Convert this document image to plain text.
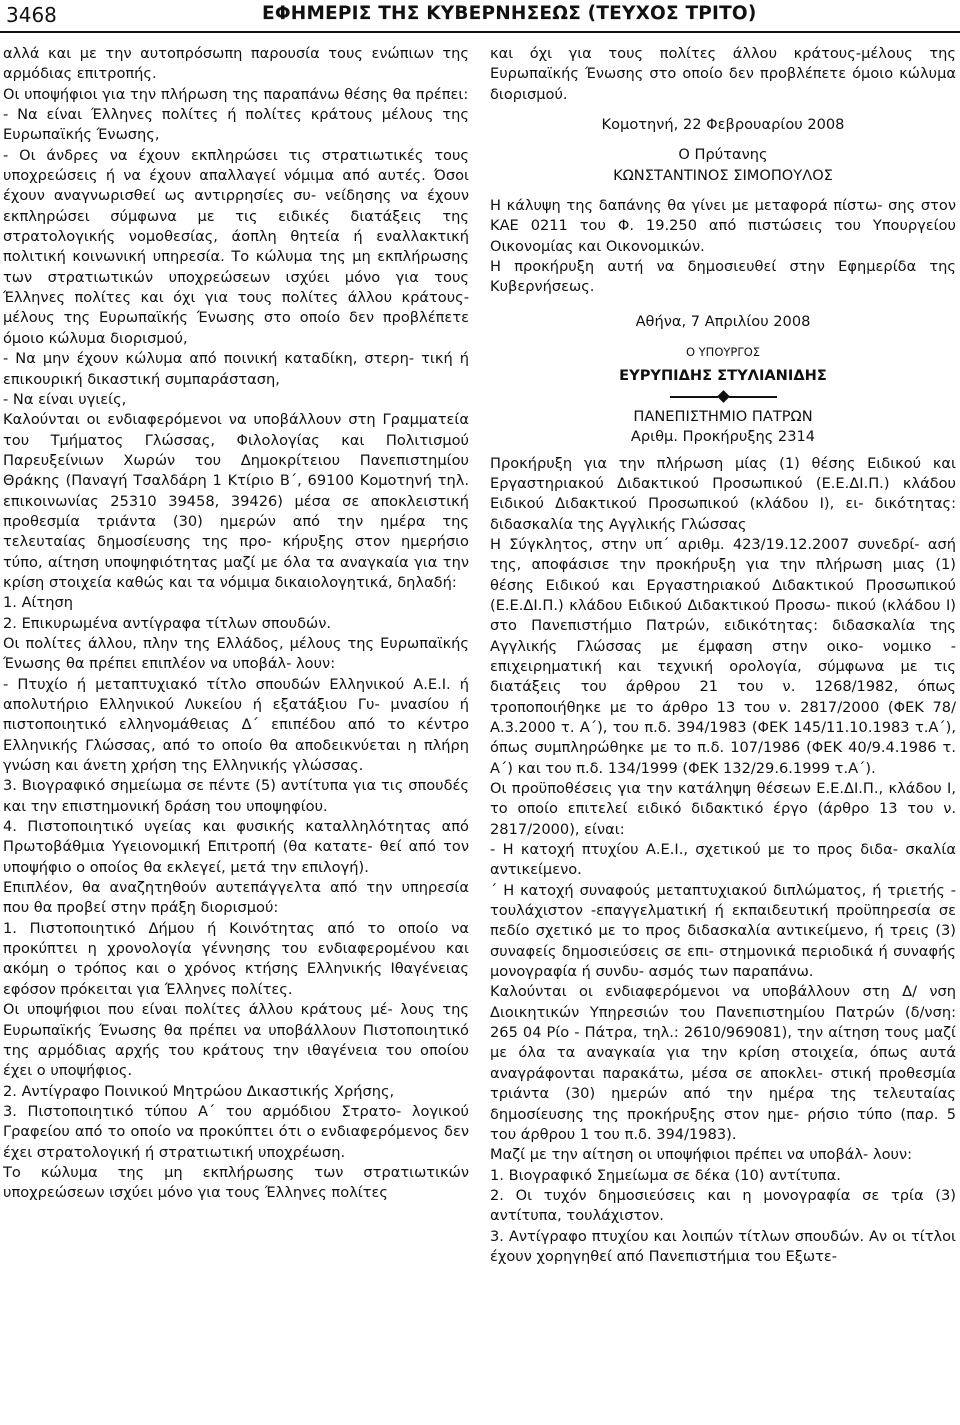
3468	ΕΦΗΜΕΡΙΣ ΤΗΣ ΚΥΒΕΡΝΗΣΕΩΣ (ΤΕΥΧΟΣ ΤΡΙΤΟ)

αλλά και με την αυτοπρόσωπη παρουσία τους ενώπιων της αρμόδιας επιτροπής.

Οι υποψήφιοι για την πλήρωση της παραπάνω θέσης θα πρέπει:

- Να είναι Έλληνες πολίτες ή πολίτες κράτους μέλους της Ευρωπαϊκής Ένωσης,

- Οι άνδρες να έχουν εκπληρώσει τις στρατιωτικές τους υποχρεώσεις ή να έχουν απαλλαγεί νόμιμα από αυτές. Όσοι έχουν αναγνωρισθεί ως αντιρρησίες συ- νείδησης να έχουν εκπληρώσει σύμφωνα με τις ειδικές διατάξεις της στρατολογικής νομοθεσίας, άοπλη θητεία ή εναλλακτική πολιτική κοινωνική υπηρεσία. Το κώλυμα της μη εκπλήρωσης των στρατιωτικών υποχρεώσεων ισχύει μόνο για τους Έλληνες πολίτες και όχι για τους πολίτες άλλου κράτους-μέλους της Ευρωπαϊκής Ένωσης στο οποίο δεν προβλέπετε όμοιο κώλυμα διορισμού,

- Να μην έχουν κώλυμα από ποινική καταδίκη, στερη- τική ή επικουρική δικαστική συμπαράσταση,

- Να είναι υγιείς,

Καλούνται οι ενδιαφερόμενοι να υποβάλλουν στη Γραμματεία του Τμήματος Γλώσσας, Φιλολογίας και Πολιτισμού Παρευξείνιων Χωρών του Δημοκρίτειου Πανεπιστημίου Θράκης (Παναγή Τσαλδάρη 1 Κτίριο Β΄, 69100 Κομοτηνή τηλ. επικοινωνίας 25310 39458, 39426) μέσα σε αποκλειστική προθεσμία τριάντα (30) ημερών από την ημέρα της τελευταίας δημοσίευσης της προ- κήρυξης στον ημερήσιο τύπο, αίτηση υποψηφιότητας μαζί με όλα τα αναγκαία για την κρίση στοιχεία καθώς και τα νόμιμα δικαιολογητικά, δηλαδή:

1. Αίτηση

2. Επικυρωμένα αντίγραφα τίτλων σπουδών.

Οι πολίτες άλλου, πλην της Ελλάδος, μέλους της Ευρωπαϊκής Ένωσης θα πρέπει επιπλέον να υποβάλ- λουν:

- Πτυχίο ή μεταπτυχιακό τίτλο σπουδών Ελληνικού Α.Ε.Ι. ή απολυτήριο Ελληνικού Λυκείου ή εξατάξιου Γυ- μνασίου ή πιστοποιητικό ελληνομάθειας Δ΄ επιπέδου από το κέντρο Ελληνικής Γλώσσας, από το οποίο θα αποδεικνύεται η πλήρη γνώση και άνετη χρήση της Ελληνικής γλώσσας.

3. Βιογραφικό σημείωμα σε πέντε (5) αντίτυπα για τις σπουδές και την επιστημονική δράση του υποψηφίου.

4. Πιστοποιητικό υγείας και φυσικής καταλληλότητας από Πρωτοβάθμια Υγειονομική Επιτροπή (θα κατατε- θεί από τον υποψήφιο ο οποίος θα εκλεγεί, μετά την επιλογή).

Επιπλέον, θα αναζητηθούν αυτεπάγγελτα από την υπηρεσία που θα προβεί στην πράξη διορισμού:

1. Πιστοποιητικό Δήμου ή Κοινότητας από το οποίο να προκύπτει η χρονολογία γέννησης του ενδιαφερομένου και ακόμη ο τρόπος και ο χρόνος κτήσης Ελληνικής Ιθαγένειας εφόσον πρόκειται για Έλληνες πολίτες.

Οι υποψήφιοι που είναι πολίτες άλλου κράτους μέ- λους της Ευρωπαϊκής Ένωσης θα πρέπει να υποβάλλουν Πιστοποιητικό της αρμόδιας αρχής του κράτους την ιθαγένεια του οποίου έχει ο υποψήφιος.

2. Αντίγραφο Ποινικού Μητρώου Δικαστικής Χρήσης,

3. Πιστοποιητικό τύπου Α΄ του αρμόδιου Στρατο- λογικού Γραφείου από το οποίο να προκύπτει ότι ο ενδιαφερόμενος δεν έχει στρατολογική ή στρατιωτική υποχρέωση.

Το κώλυμα της μη εκπλήρωσης των στρατιωτικών υποχρεώσεων ισχύει μόνο για τους Έλληνες πολίτες

και όχι για τους πολίτες άλλου κράτους-μέλους της Ευρωπαϊκής Ένωσης στο οποίο δεν προβλέπετε όμοιο κώλυμα διορισμού.

Κομοτηνή, 22 Φεβρουαρίου 2008

Ο Πρύτανης

ΚΩΝΣΤΑΝΤΙΝΟΣ ΣΙΜΟΠΟΥΛΟΣ

Η κάλυψη της δαπάνης θα γίνει με μεταφορά πίστω- σης στον ΚΑΕ 0211 του Φ. 19.250 από πιστώσεις του Υπουργείου Οικονομίας και Οικονομικών.

Η προκήρυξη αυτή να δημοσιευθεί στην Εφημερίδα της Κυβερνήσεως.

Αθήνα, 7 Απριλίου 2008

Ο ΥΠΟΥΡΓΟΣ

ΕΥΡΥΠΙΔΗΣ ΣΤΥΛΙΑΝΙΔΗΣ

ΠΑΝΕΠΙΣΤΗΜΙΟ ΠΑΤΡΩΝ

Αριθμ. Προκήρυξης 2314

Προκήρυξη για την πλήρωση μίας (1) θέσης Ειδικού και Εργαστηριακού Διδακτικού Προσωπικού (Ε.Ε.ΔΙ.Π.) κλάδου Ειδικού Διδακτικού Προσωπικού (κλάδου Ι), ει- δικότητας: διδασκαλία της Αγγλικής Γλώσσας

Η Σύγκλητος, στην υπ΄ αριθμ. 423/19.12.2007 συνεδρί- ασή της, αποφάσισε την προκήρυξη για την πλήρωση μιας (1) θέσης Ειδικού και Εργαστηριακού Διδακτικού Προσωπικού (Ε.Ε.ΔΙ.Π.) κλάδου Ειδικού Διδακτικού Προσω- πικού (κλάδου Ι) στο Πανεπιστήμιο Πατρών, ειδικότητας: διδασκαλία της Αγγλικής Γλώσσας με έμφαση στην οικο- νομικο - επιχειρηματική και τεχνική ορολογία, σύμφωνα με τις διατάξεις του άρθρου 21 του ν. 1268/1982, όπως τροποποιήθηκε με το άρθρο 13 του ν. 2817/2000 (ΦΕΚ 78/Α.3.2000 τ. Α΄), του π.δ. 394/1983 (ΦΕΚ 145/11.10.1983 τ.Α΄), όπως συμπληρώθηκε με το π.δ. 107/1986 (ΦΕΚ 40/9.4.1986 τ. Α΄) και του π.δ. 134/1999 (ΦΕΚ 132/29.6.1999 τ.Α΄).

Οι προϋποθέσεις για την κατάληψη θέσεων Ε.Ε.ΔΙ.Π., κλάδου Ι, το οποίο επιτελεί ειδικό διδακτικό έργο (άρθρο 13 του ν. 2817/2000), είναι:

- Η κατοχή πτυχίου Α.Ε.Ι., σχετικού με το προς διδα- σκαλία αντικείμενο.

΄ Η κατοχή συναφούς μεταπτυχιακού διπλώματος, ή τριετής - τουλάχιστον -επαγγελματική ή εκπαιδευτική προϋπηρεσία σε πεδίο σχετικό με το προς διδασκαλία αντικείμενο, ή τρεις (3) συναφείς δημοσιεύσεις σε επι- στημονικά περιοδικά ή συναφής μονογραφία ή συνδυ- ασμός των παραπάνω.

Καλούνται οι ενδιαφερόμενοι να υποβάλλουν στη Δ/ νση Διοικητικών Υπηρεσιών του Πανεπιστημίου Πατρών (δ/νση: 265 04 Ρίο - Πάτρα, τηλ.: 2610/969081), την αίτηση τους μαζί με όλα τα αναγκαία για την κρίση στοιχεία, όπως αυτά αναγράφονται παρακάτω, μέσα σε αποκλει- στική προθεσμία τριάντα (30) ημερών από την ημέρα της τελευταίας δημοσίευσης της προκήρυξης στον ημε- ρήσιο τύπο (παρ. 5 του άρθρου 1 του π.δ. 394/1983).

Μαζί με την αίτηση οι υποψήφιοι πρέπει να υποβάλ- λουν:

1. Βιογραφικό Σημείωμα σε δέκα (10) αντίτυπα.

2. Οι τυχόν δημοσιεύσεις και η μονογραφία σε τρία (3) αντίτυπα, τουλάχιστον.

3. Αντίγραφο πτυχίου και λοιπών τίτλων σπουδών. Αν οι τίτλοι έχουν χορηγηθεί από Πανεπιστήμια του Εξωτε-
